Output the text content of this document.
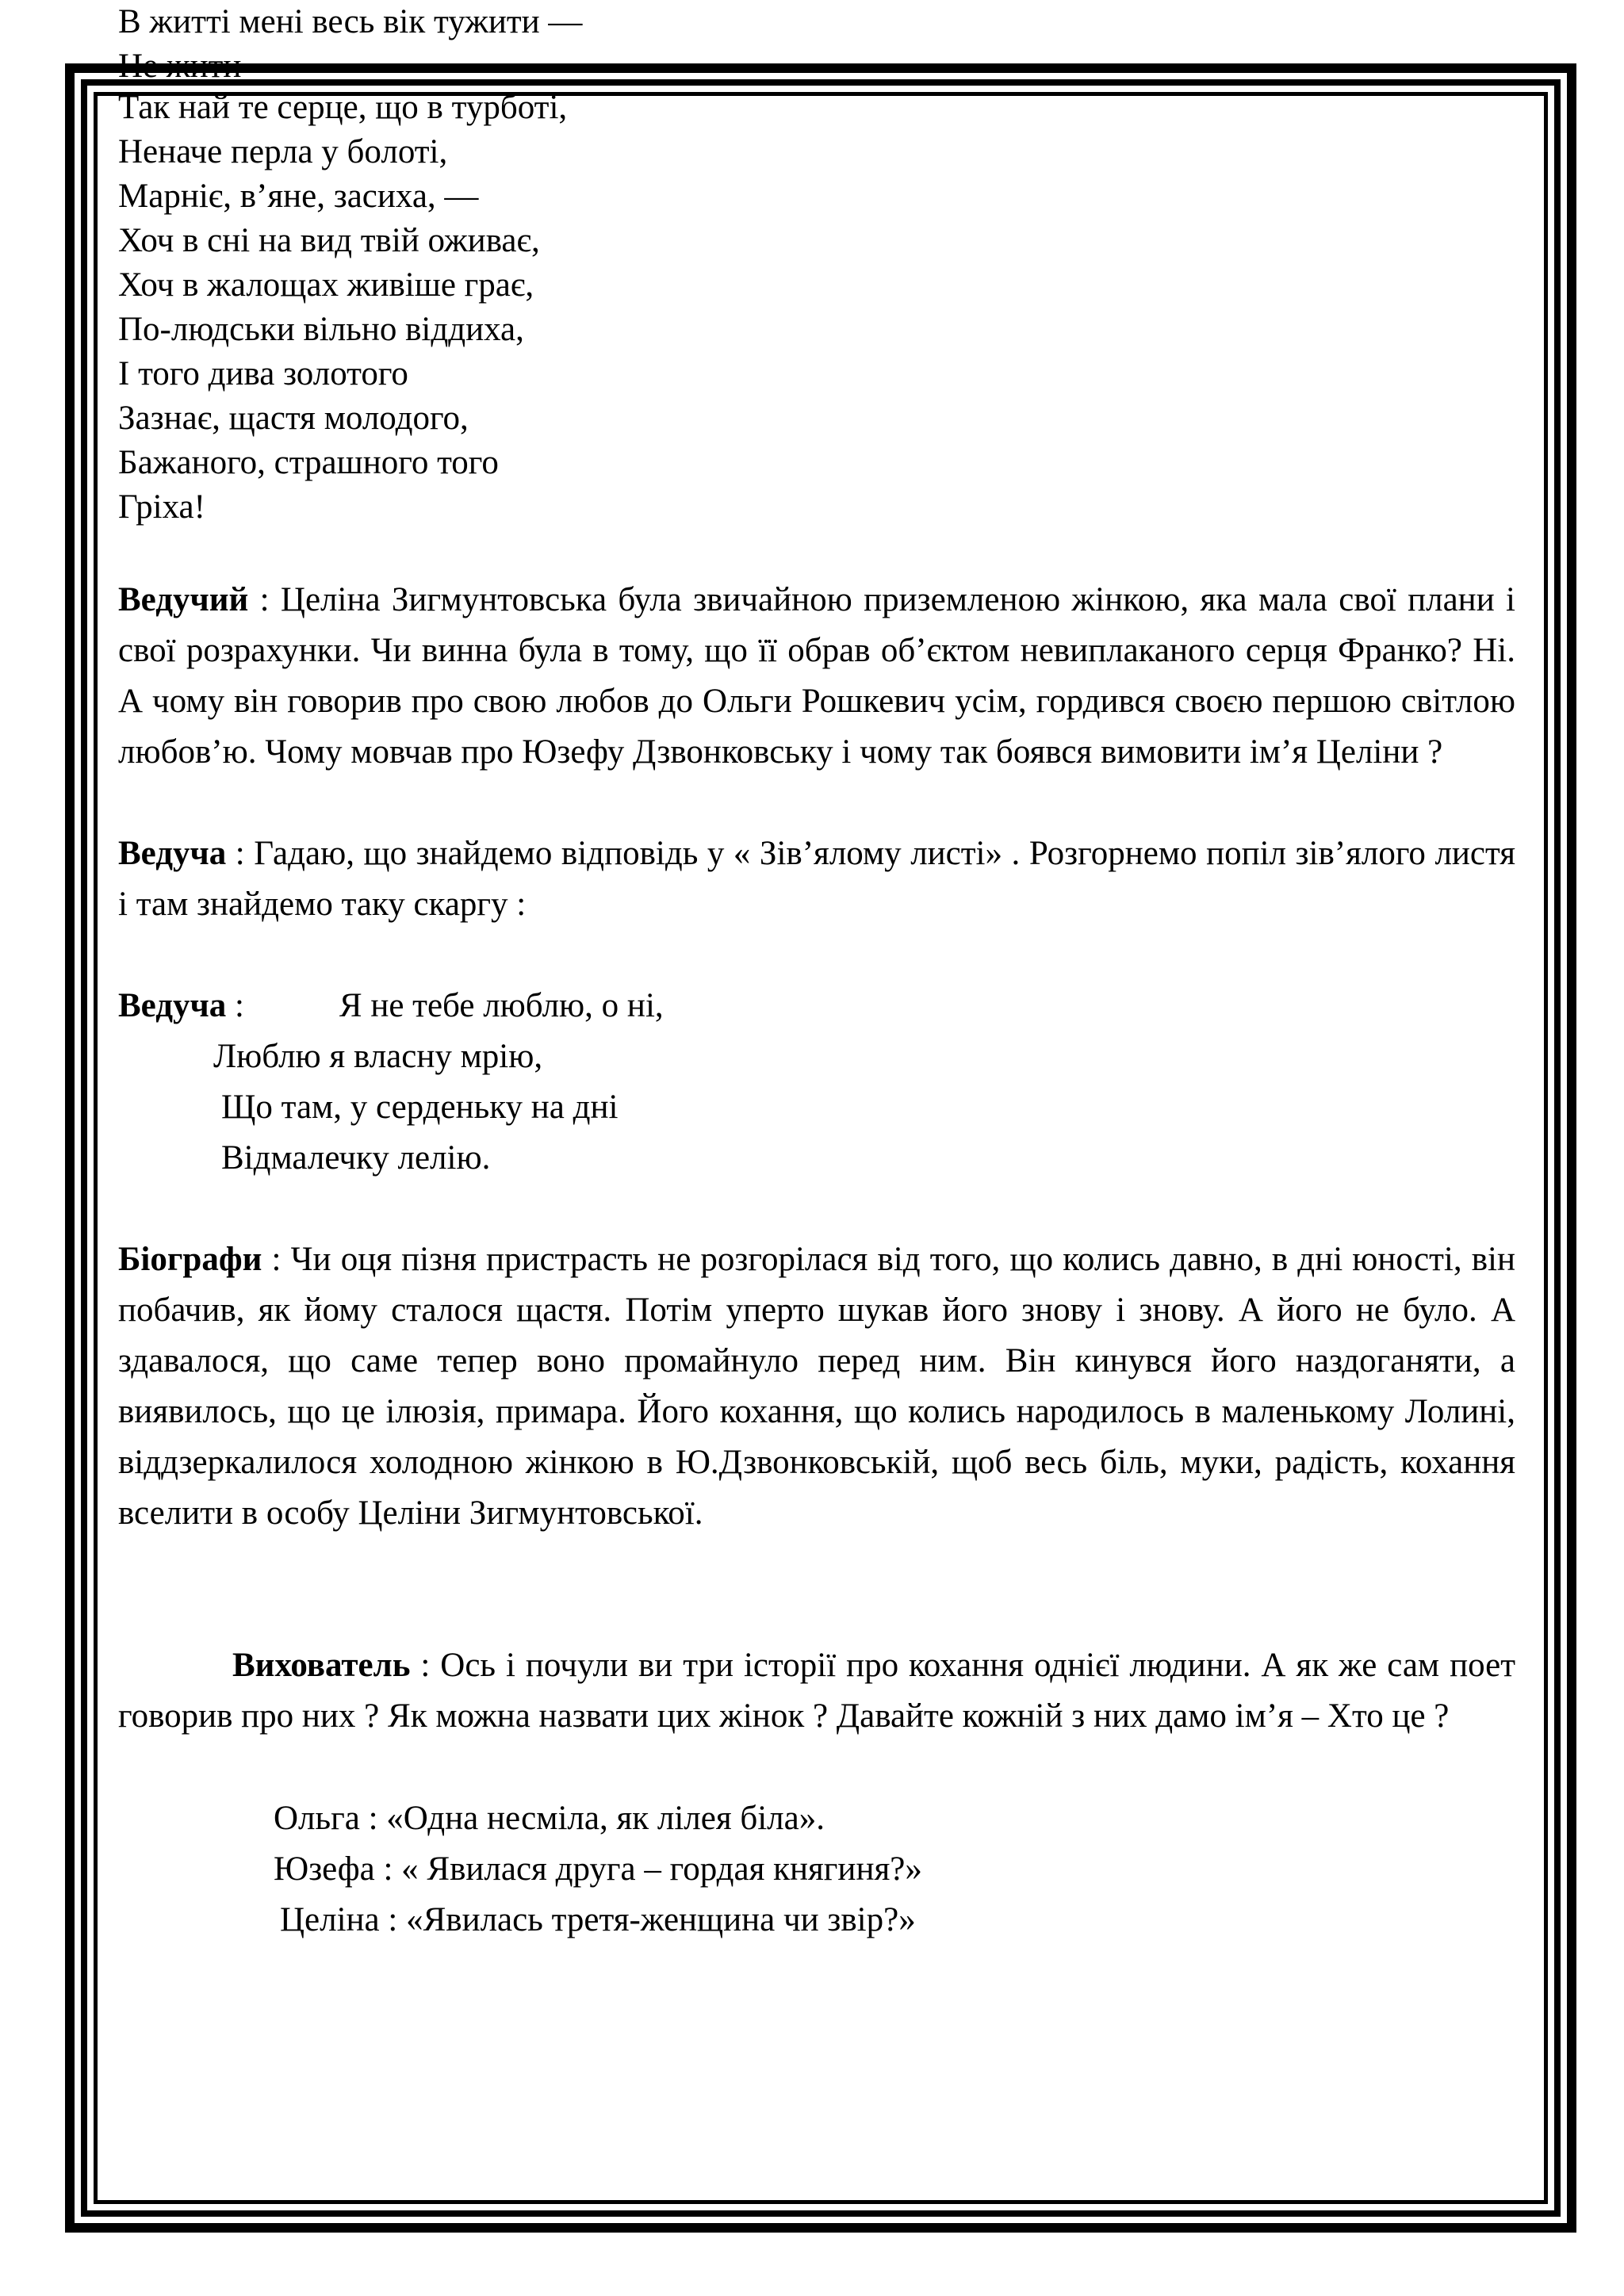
В житті мені весь вік тужити —
Не жити
Так най те серце, що в турботі,
Неначе перла у болоті,
Марніє, в’яне, засиха, —
Хоч в сні на вид твій оживає,
Хоч в жалощах живіше грає,
По-людськи вільно віддиха,
І того дива золотого
Зазнає, щастя молодого,
Бажаного, страшного того
Гріха!
Ведучий : Целіна Зигмунтовська була звичайною приземленою жінкою, яка мала свої плани і свої розрахунки. Чи винна була в тому, що її обрав об’єктом невиплаканого серця Франко? Ні. А чому він говорив про свою любов до Ольги Рошкевич усім, гордився своєю першою світлою любов’ю. Чому мовчав про Юзефу Дзвонковську і чому так боявся вимовити ім’я Целіни ?
Ведуча : Гадаю, що знайдемо відповідь у « Зів’ялому листі» . Розгорнемо попіл зів’ялого листя і там знайдемо таку скаргу :
Ведуча :	Я не тебе люблю, о ні,
Люблю я власну мрію,
Що там, у серденьку на дні
Відмалечку лелію.
Біографи : Чи оця пізня пристрасть не розгорілася від того, що колись давно, в дні юності, він побачив, як йому сталося щастя. Потім уперто шукав його знову і знову. А його не було. А здавалося, що саме тепер воно промайнуло перед ним. Він кинувся його наздоганяти, а виявилось, що це ілюзія, примара. Його кохання, що колись народилось в маленькому Лолині, віддзеркалилося холодною жінкою в Ю.Дзвонковській, щоб весь біль, муки, радість, кохання вселити в особу Целіни Зигмунтовської.
Вихователь : Ось і почули ви три історії про кохання однієї людини. А як же сам поет говорив про них ? Як можна назвати цих жінок ? Давайте кожній з них дамо ім’я – Хто це ?
Ольга : «Одна несміла, як лілея біла».
Юзефа : « Явилася друга – гордая княгиня?»
Целіна : «Явилась третя-женщина чи звір?»
